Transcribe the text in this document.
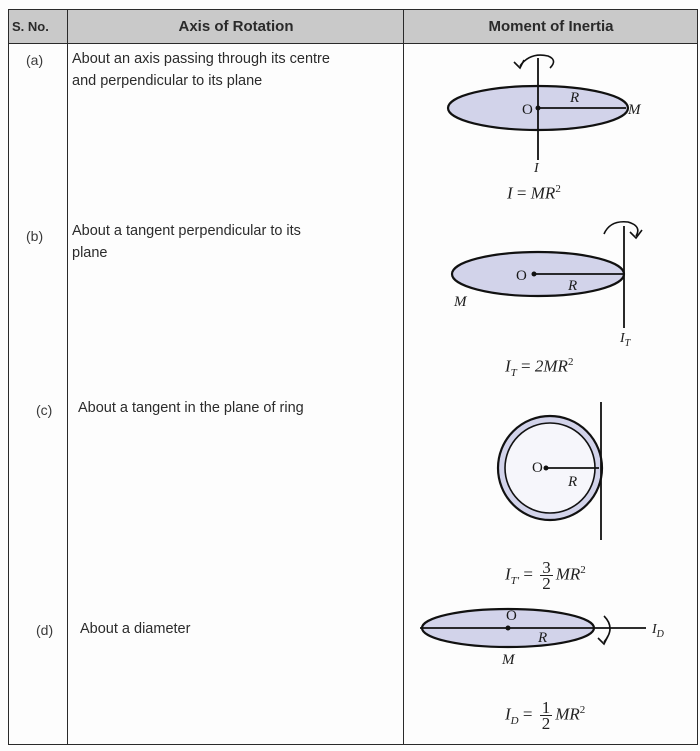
S. No.	Axis of Rotation	Moment of Inertia
(a) About an axis passing through its centre
and perpendicular to its plane
O
R
M
I
$I = MR^2$
(b) About a tangent perpendicular to its
plane
O
R
M
$I_T$
$I_T = 2MR^2$
(c) About a tangent in the plane of ring
O
R
$I_{T'} = \frac{3}{2} MR^2$
(d) About a diameter
O
R
M
$I_D$
$I_D = \frac{1}{2} MR^2$
